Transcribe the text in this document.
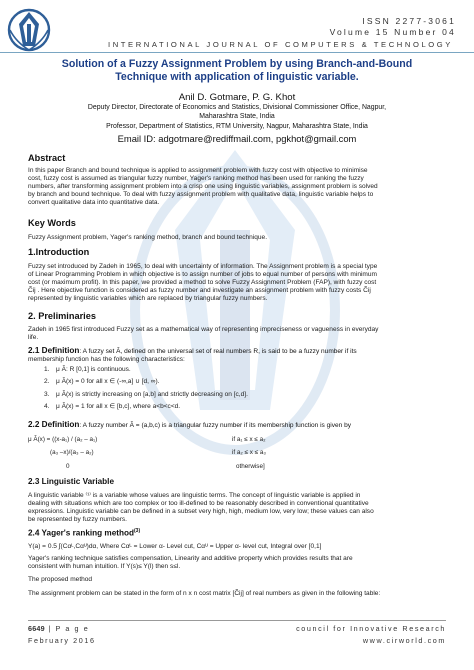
ISSN 2277-3061
Volume 15 Number 04
INTERNATIONAL JOURNAL OF COMPUTERS & TECHNOLOGY
Solution of a Fuzzy Assignment Problem by using Branch-and-Bound
Technique with application of linguistic variable.
Anil D. Gotmare, P. G. Khot
Deputy Director, Directorate of Economics and Statistics, Divisional Commissioner Office, Nagpur,
Maharashtra State, India
Professor, Department of Statistics, RTM University, Nagpur, Maharashtra State, India
Email ID: adgotmare@rediffmail.com, pgkhot@gmail.com
Abstract
In this paper Branch and bound technique is applied to assignment problem with fuzzy cost with objective to minimise
cost, fuzzy cost is assumed as triangular fuzzy number, Yager's ranking method has been used for ranking the fuzzy
numbers, after transforming assignment problem into a crisp one using linguistic variables, assignment problem is solved
by branch and bound technique. To deal with fuzzy assignment problem with qualitative data, linguistic variable helps to
convert qualitative data into quantitative data.
Key Words
Fuzzy Assignment problem, Yager's ranking method, branch and bound technique.
1.Introduction
Fuzzy set introduced by Zadeh in 1965, to deal with uncertainty of information. The Assignment problem is a special type
of Linear Programming Problem in which objective is to assign number of jobs to equal number of persons with minimum
cost (or maximum profit). In this paper, we provided a method to solve Fuzzy Assignment Problem (FAP), with fuzzy cost
C̃ij . Here objective function is considered as fuzzy number and investigate an assignment problem with fuzzy costs C̃ij
represented by linguistic variables which are replaced by triangular fuzzy numbers.
2. Preliminaries
Zadeh in 1965 first introduced Fuzzy set as a mathematical way of representing impreciseness or vagueness in everyday
life.
2.1 Definition: A fuzzy set Ã, defined on the universal set of real numbers R, is said to be a fuzzy number if its
membership function has the following characteristics:
1. μ Ã: R [0,1] is continuous.
2. μ Ã(x) = 0 for all x ∈ (-∞,a] ∪ [d, ∞).
3. μ Ã(x) is strictly increasing on [a,b] and strictly decreasing on [c,d].
4. μ Ã(x) = 1 for all x ∈ [b,c], where a<b<c<d.
2.2 Definition: A fuzzy number Ã = (a,b,c) is a triangular fuzzy number if its membership function is given by
μ Ã(x) = ((x-a₁) / (a₂ – a₁)	if a₁ ≤ x ≤ a₂
(a₃ –x)/(a₃ – a₂)	if a₂ ≤ x ≤ a₃
0	otherwise]
2.3 Linguistic Variable
A linguistic variable ⁽¹⁾ is a variable whose values are linguistic terms. The concept of linguistic variable is applied in
dealing with situations which are too complex or too ill-defined to be reasonably described in conventional quantitative
expressions. Linguistic variable can be defined in a subset very high, high, medium low, very low; these values can also
be represented by fuzzy numbers.
2.4 Yager's ranking method$^{(3)}$
Y(a) = 0.5 ∫(Cαᴸ,Cαᵁ)dα, Where Cαᴸ = Lower α- Level cut, Cαᵁ = Upper α- level cut, Integral over [0,1]
Yager's ranking technique satisfies compensation, Linearity and additive property which provides results that are
consistent with human intuition. If Y(s)≤ Y(l) then s≤l.
The proposed method
The assignment problem can be stated in the form of n x n cost matrix [C̃ij] of real numbers as given in the following table:
6649 | P a g e
February 2016
council for Innovative Research
www.cirworld.com
